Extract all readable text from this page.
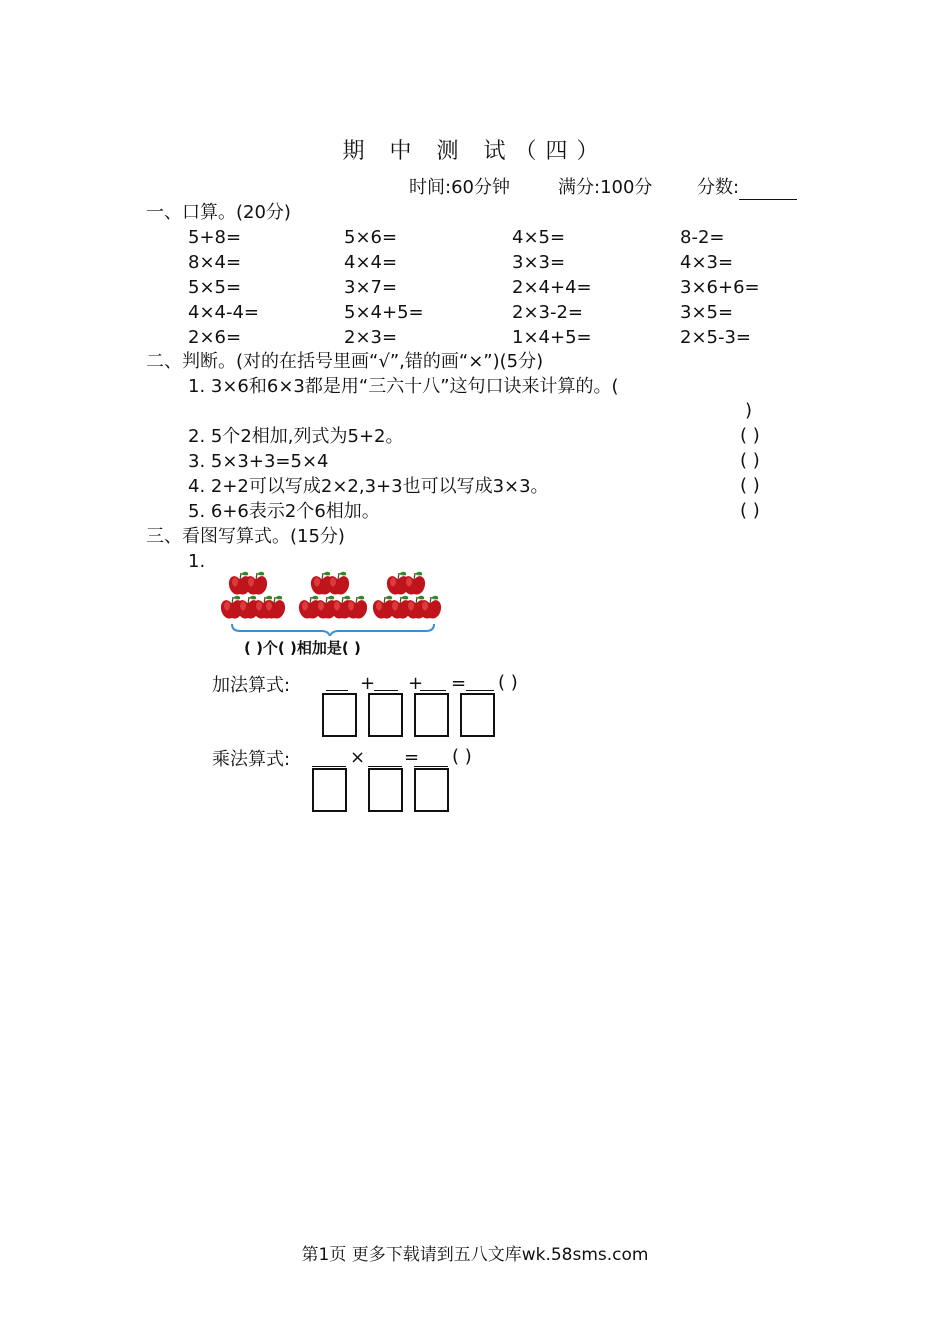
期 中 测 试（四）
时间:60分钟	满分:100分 分数:
一、口算。(20分)
5+8=	5×6=	4×5=	8-2=
8×4=	4×4=	3×3=	4×3=
5×5=	3×7=	2×4+4=	3×6+6=
4×4-4=	5×4+5=	2×3-2=	3×5=
2×6=	2×3=	1×4+5=	2×5-3=
二、判断。(对的在括号里画“√”,错的画“×”)(5分)
1. 3×6和6×3都是用“三六十八”这句口诀来计算的。(
)
2. 5个2相加,列式为5+2。	( )
3. 5×3+3=5×4	( )
4. 2+2可以写成2×2,3+3也可以写成3×3。	( )
5. 6+6表示2个6相加。	( )
三、看图写算式。(15分)
1.
( )个( )相加是( )
加法算式:	+ + = ( )
乘法算式:	× = ( )
第1页 更多下载请到五八文库wk.58sms.com
